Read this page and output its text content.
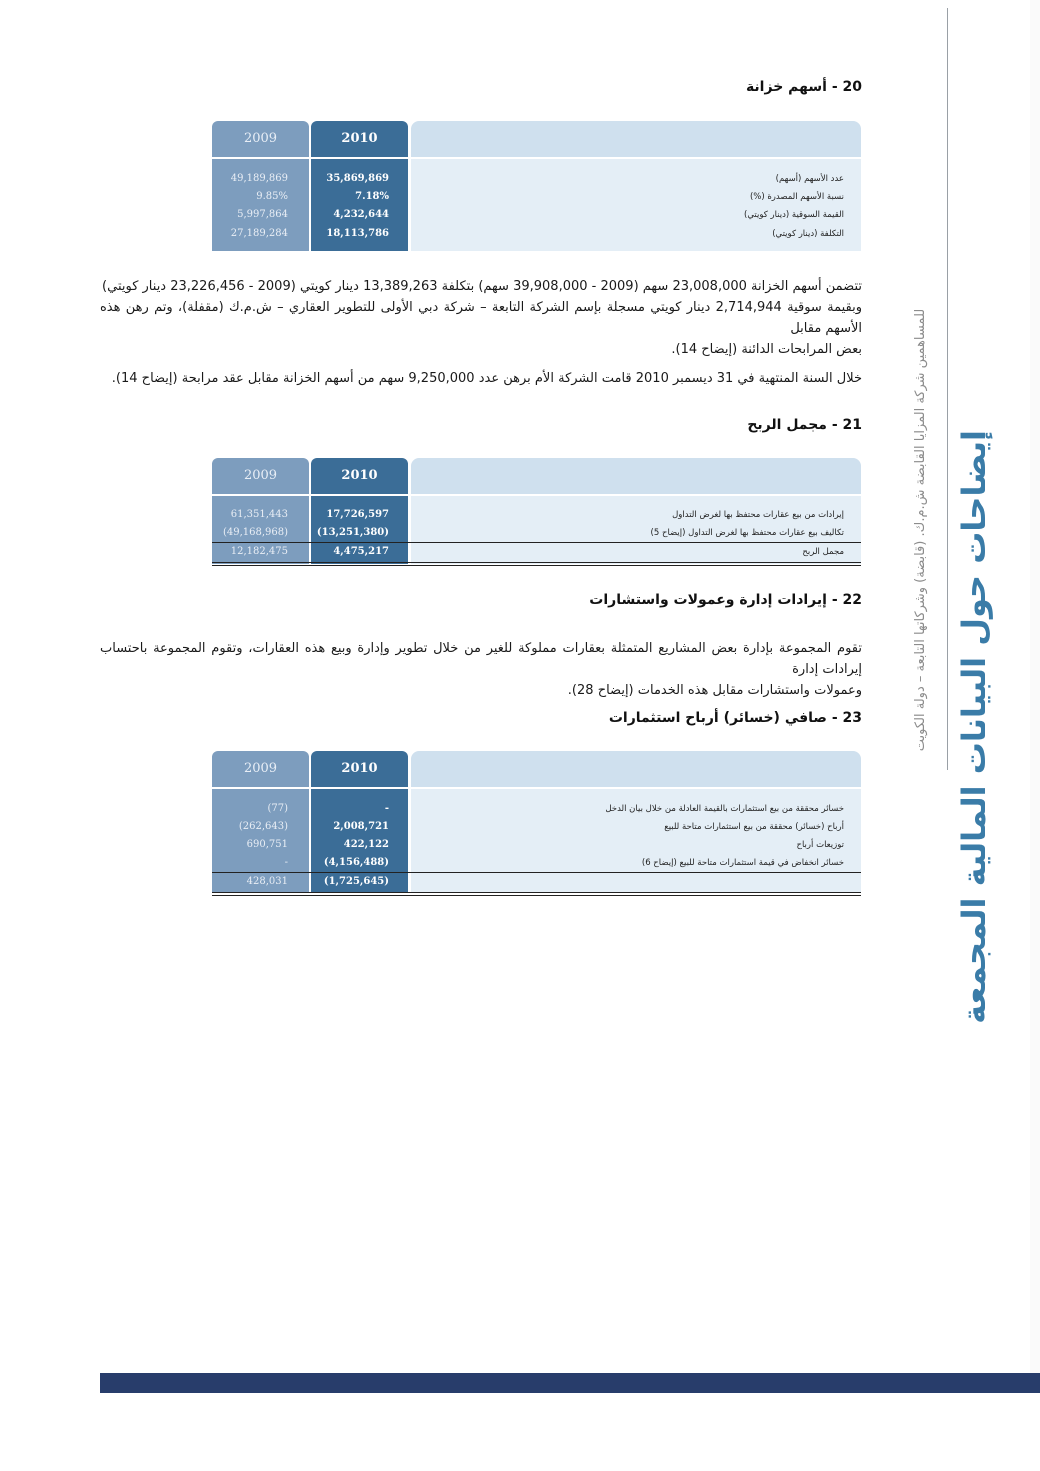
للمساهمين شركة المزايا القابضة ش.م.ك. (قابضة) وشركاتها التابعة – دولة الكويت إيضاحات حول البيانات المالية المجمعة
20 - أسهم خزانة
2009	2010
49,189,869	35,869,869	عدد الأسهم (أسهم)
9.85%	7.18%	نسبة الأسهم المصدرة (%)
5,997,864	4,232,644	القيمة السوقية (دينار كويتي)
27,189,284	18,113,786	التكلفة (دينار كويتي)
تتضمن أسهم الخزانة 23,008,000 سهم (2009 - 39,908,000 سهم) بتكلفة 13,389,263 دينار كويتي (2009 - 23,226,456 دينار كويتي)
وبقيمة سوقية 2,714,944 دينار كويتي مسجلة بإسم الشركة التابعة – شركة دبي الأولى للتطوير العقاري – ش.م.ك (مقفلة)، وتم رهن هذه الأسهم مقابل
بعض المرابحات الدائنة (إيضاح 14).
خلال السنة المنتهية في 31 ديسمبر 2010 قامت الشركة الأم برهن عدد 9,250,000 سهم من أسهم الخزانة مقابل عقد مرابحة (إيضاح 14).
21 - مجمل الربح
2009	2010
61,351,443	17,726,597	إيرادات من بيع عقارات محتفظ بها لغرض التداول
(49,168,968)	(13,251,380)	تكاليف بيع عقارات محتفظ بها لغرض التداول (إيضاح 5)
12,182,475	4,475,217	مجمل الربح
22 - إيرادات إدارة وعمولات واستشارات
تقوم المجموعة بإدارة بعض المشاريع المتمثلة بعقارات مملوكة للغير من خلال تطوير وإدارة وبيع هذه العقارات، وتقوم المجموعة باحتساب إيرادات إدارة
وعمولات واستشارات مقابل هذه الخدمات (إيضاح 28).
23 - صافي (خسائر) أرباح استثمارات
2009	2010
(77)	-	خسائر محققة من بيع استثمارات بالقيمة العادلة من خلال بيان الدخل
(262,643)	2,008,721	أرباح (خسائر) محققة من بيع استثمارات متاحة للبيع
690,751	422,122	توزيعات أرباح
-	(4,156,488)	خسائر انخفاض في قيمة استثمارات متاحة للبيع (إيضاح 6)
428,031	(1,725,645)
